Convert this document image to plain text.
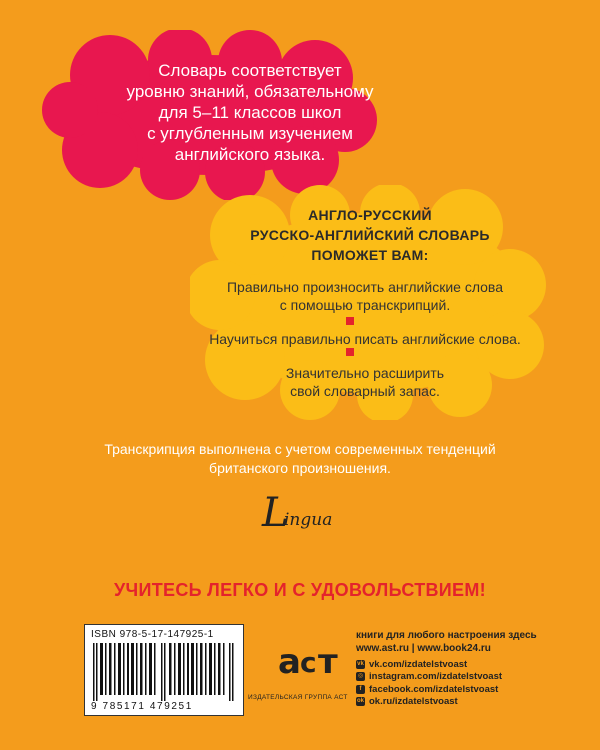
Словарь соответствует
уровню знаний, обязательному
для 5–11 классов школ
с углубленным изучением
английского языка.
АНГЛО-РУССКИЙ
РУССКО-АНГЛИЙСКИЙ СЛОВАРЬ
ПОМОЖЕТ ВАМ:
Правильно произносить английские слова
с помощью транскрипций.
Научиться правильно писать английские слова.
Значительно расширить
свой словарный запас.
Транскрипция выполнена с учетом современных тенденций
британского произношения.
L
ingua
УЧИТЕСЬ ЛЕГКО И С УДОВОЛЬСТВИЕМ!
ISBN 978-5-17-147925-1
9 785171 479251
а с т
ИЗДАТЕЛЬСКАЯ ГРУППА АСТ
книги для любого настроения здесь
www.ast.ru | www.book24.ru
vk vk.com/izdatelstvoast
◎ instagram.com/izdatelstvoast
f facebook.com/izdatelstvoast
ok ok.ru/izdatelstvoast
